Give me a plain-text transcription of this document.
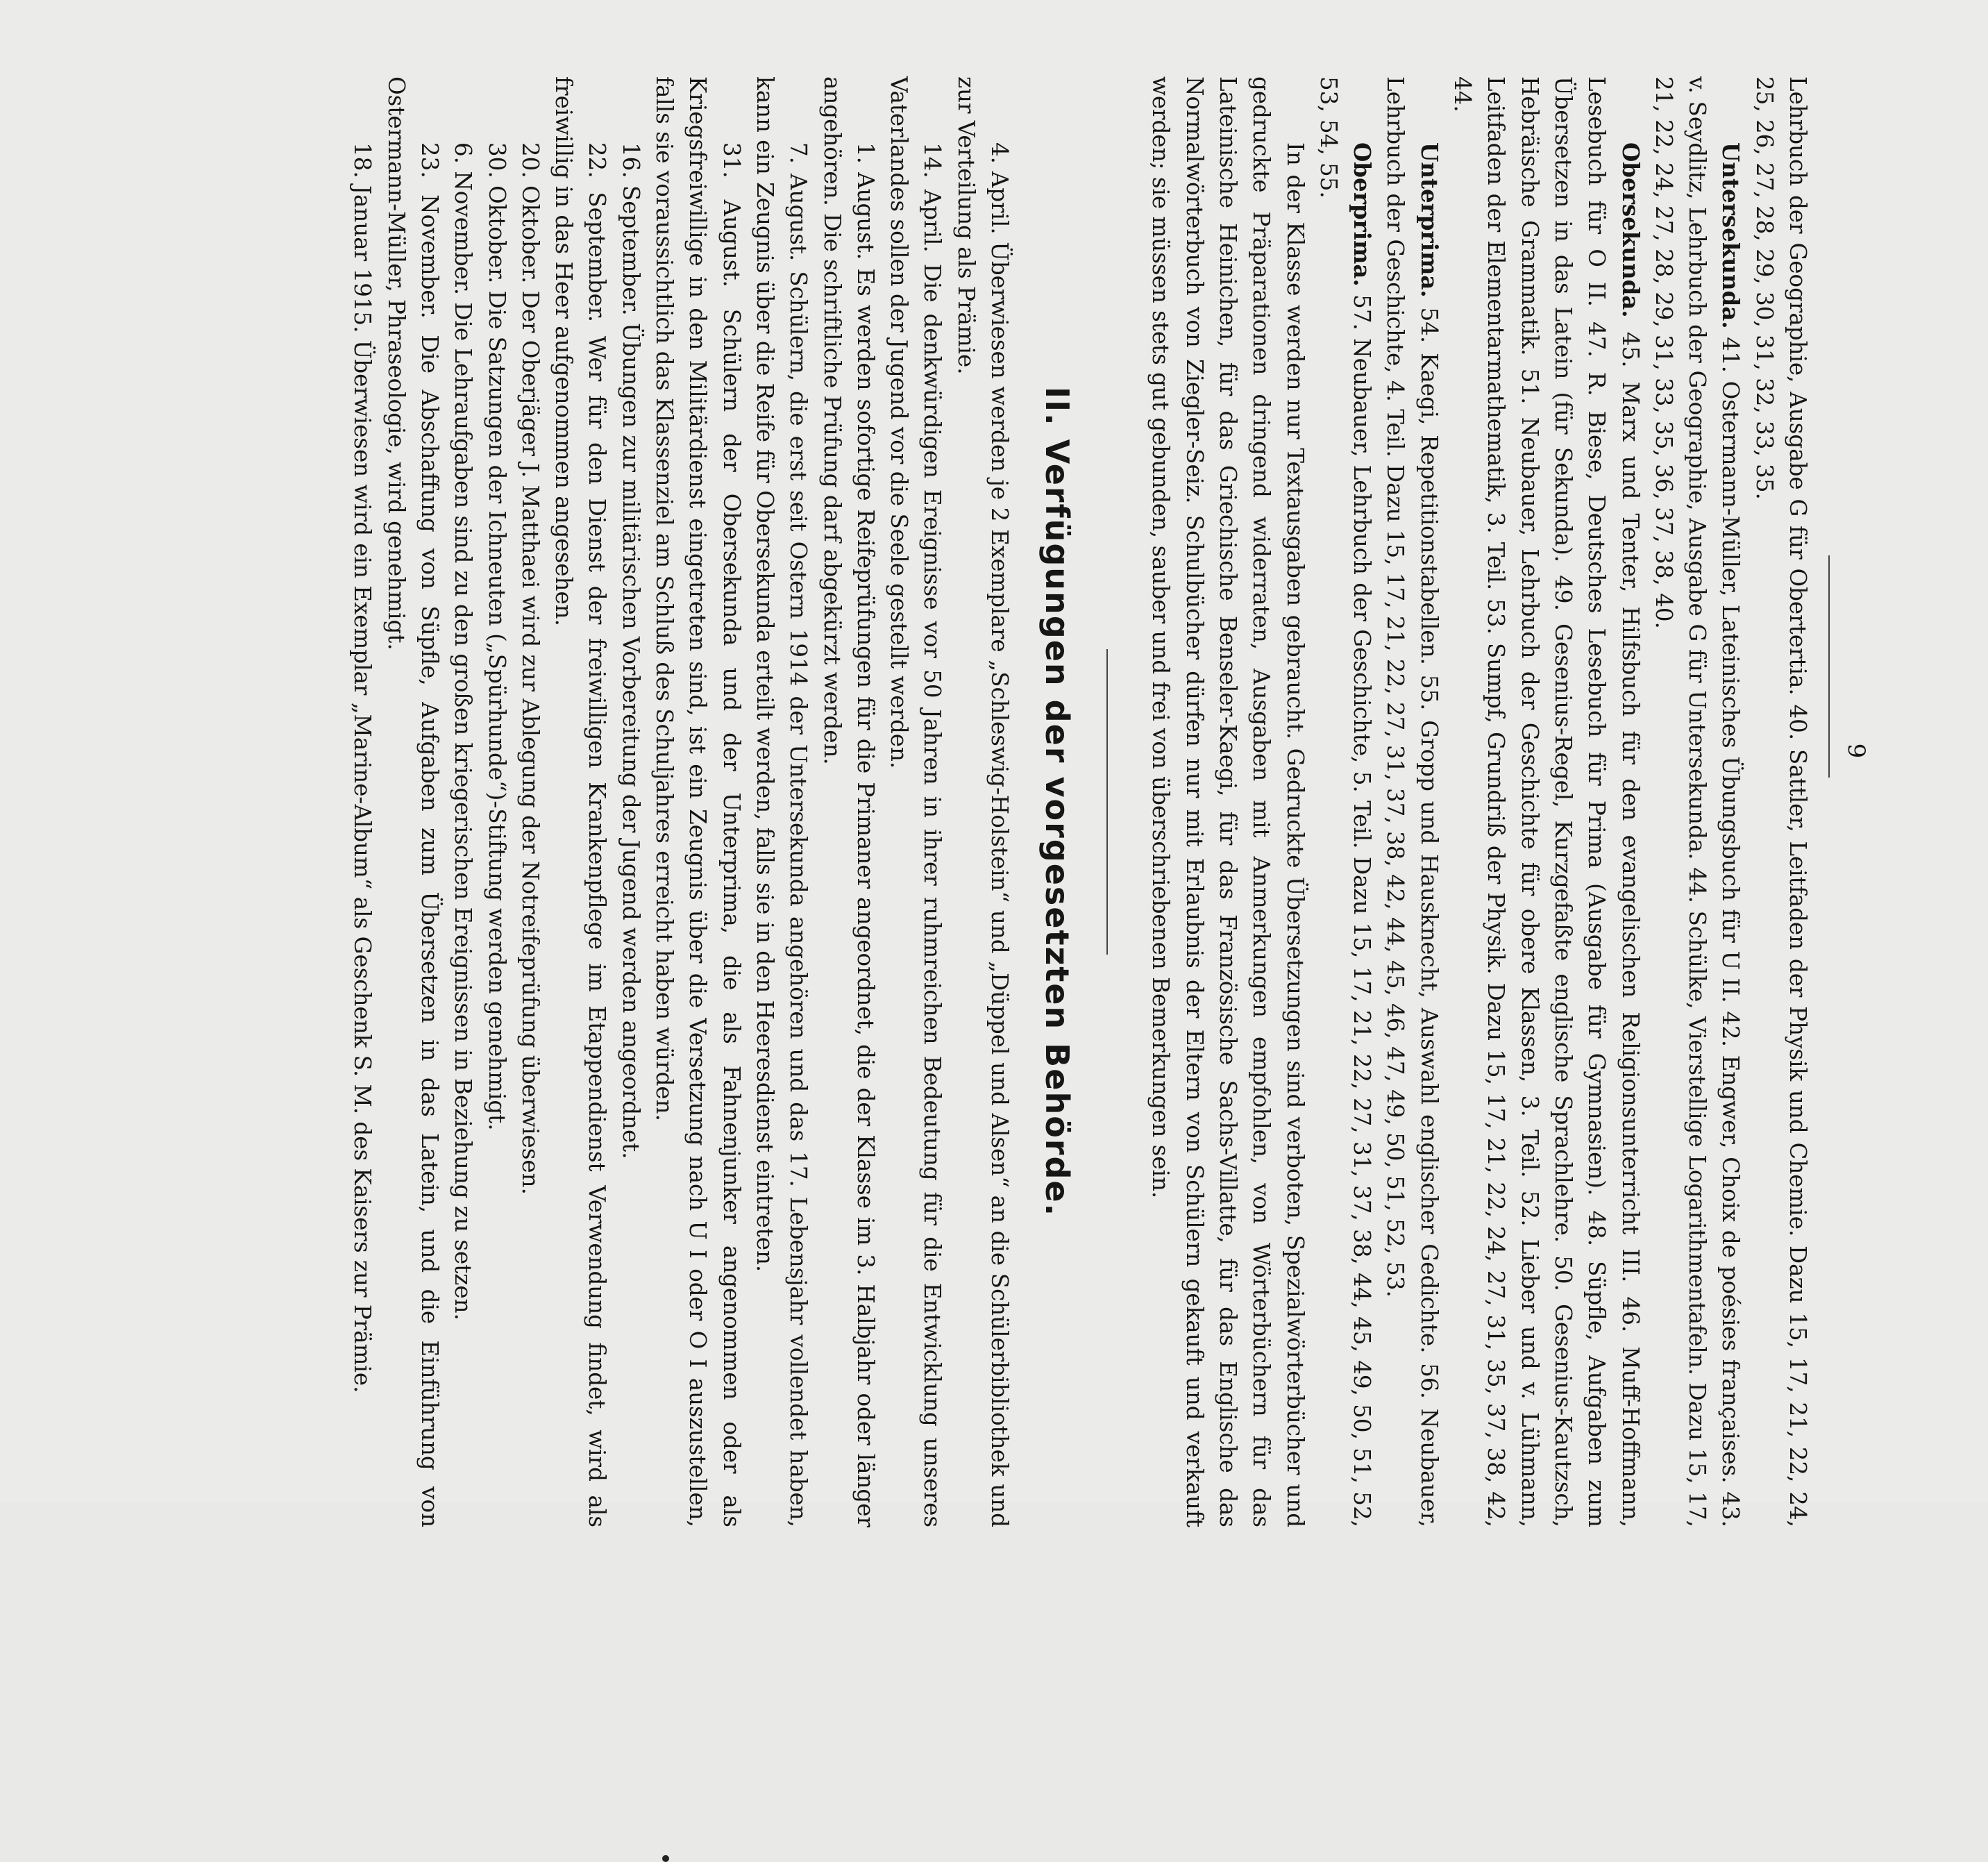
9

Lehrbuch der Geographie, Ausgabe G für Obertertia. 40. Sattler, Leitfaden der Physik und Chemie. Dazu 15, 17, 21, 22, 24, 25, 26, 27, 28, 29, 30, 31, 32, 33, 35.

Untersekunda. 41. Ostermann-Müller, Lateinisches Übungsbuch für U II. 42. Engwer, Choix de poésies françaises. 43. v. Seydlitz, Lehrbuch der Geographie, Ausgabe G für Untersekunda. 44. Schülke, Vierstellige Logarithmentafeln. Dazu 15, 17, 21, 22, 24, 27, 28, 29, 31, 33, 35, 36, 37, 38, 40.

Obersekunda. 45. Marx und Tenter, Hilfsbuch für den evangelischen Religionsunterricht III. 46. Muff-Hoffmann, Lesebuch für O II. 47. R. Biese, Deutsches Lesebuch für Prima (Ausgabe für Gymnasien). 48. Süpfle, Aufgaben zum Übersetzen in das Latein (für Sekunda). 49. Gesenius-Regel, Kurzgefaßte englische Sprachlehre. 50. Gesenius-Kautzsch, Hebräische Grammatik. 51. Neubauer, Lehrbuch der Geschichte für obere Klassen, 3. Teil. 52. Lieber und v. Lühmann, Leitfaden der Elementarmathematik, 3. Teil. 53. Sumpf, Grundriß der Physik. Dazu 15, 17, 21, 22, 24, 27, 31, 35, 37, 38, 42, 44.

Unterprima. 54. Kaegi, Repetitionstabellen. 55. Gropp und Hausknecht, Auswahl englischer Gedichte. 56. Neubauer, Lehrbuch der Geschichte, 4. Teil. Dazu 15, 17, 21, 22, 27, 31, 37, 38, 42, 44, 45, 46, 47, 49, 50, 51, 52, 53.

Oberprima. 57. Neubauer, Lehrbuch der Geschichte, 5. Teil. Dazu 15, 17, 21, 22, 27, 31, 37, 38, 44, 45, 49, 50, 51, 52, 53, 54, 55.

In der Klasse werden nur Textausgaben gebraucht. Gedruckte Übersetzungen sind verboten, Spezialwörterbücher und gedruckte Präparationen dringend widerraten, Ausgaben mit Anmerkungen empfohlen, von Wörterbüchern für das Lateinische Heinichen, für das Griechische Benseler-Kaegi, für das Französische Sachs-Villatte, für das Englische das Normalwörterbuch von Ziegler-Seiz. Schulbücher dürfen nur mit Erlaubnis der Eltern von Schülern gekauft und verkauft werden; sie müssen stets gut gebunden, sauber und frei von überschriebenen Bemerkungen sein.

II. Verfügungen der vorgesetzten Behörde.

4. April. Überwiesen werden je 2 Exemplare „Schleswig-Holstein“ und „Düppel und Alsen“ an die Schülerbibliothek und zur Verteilung als Prämie.

14. April. Die denkwürdigen Ereignisse vor 50 Jahren in ihrer ruhmreichen Bedeutung für die Entwicklung unseres Vaterlandes sollen der Jugend vor die Seele gestellt werden.

1. August. Es werden sofortige Reifeprüfungen für die Primaner angeordnet, die der Klasse im 3. Halbjahr oder länger angehören. Die schriftliche Prüfung darf abgekürzt werden.

7. August. Schülern, die erst seit Ostern 1914 der Untersekunda angehören und das 17. Lebensjahr vollendet haben, kann ein Zeugnis über die Reife für Obersekunda erteilt werden, falls sie in den Heeresdienst eintreten.

31. August. Schülern der Obersekunda und der Unterprima, die als Fahnenjunker angenommen oder als Kriegsfreiwillige in den Militärdienst eingetreten sind, ist ein Zeugnis über die Versetzung nach U I oder O I auszustellen, falls sie voraussichtlich das Klassenziel am Schluß des Schuljahres erreicht haben würden.

16. September. Übungen zur militärischen Vorbereitung der Jugend werden angeordnet.

22. September. Wer für den Dienst der freiwilligen Krankenpflege im Etappendienst Verwendung findet, wird als freiwillig in das Heer aufgenommen angesehen.

20. Oktober. Der Oberjäger J. Matthaei wird zur Ablegung der Notreifeprüfung überwiesen.

30. Oktober. Die Satzungen der Ichneuten („Spürhunde“)-Stiftung werden genehmigt.

6. November. Die Lehraufgaben sind zu den großen kriegerischen Ereignissen in Beziehung zu setzen.

23. November. Die Abschaffung von Süpfle, Aufgaben zum Übersetzen in das Latein, und die Einführung von Ostermann-Müller, Phraseologie, wird genehmigt.

18. Januar 1915. Überwiesen wird ein Exemplar „Marine-Album“ als Geschenk S. M. des Kaisers zur Prämie.
